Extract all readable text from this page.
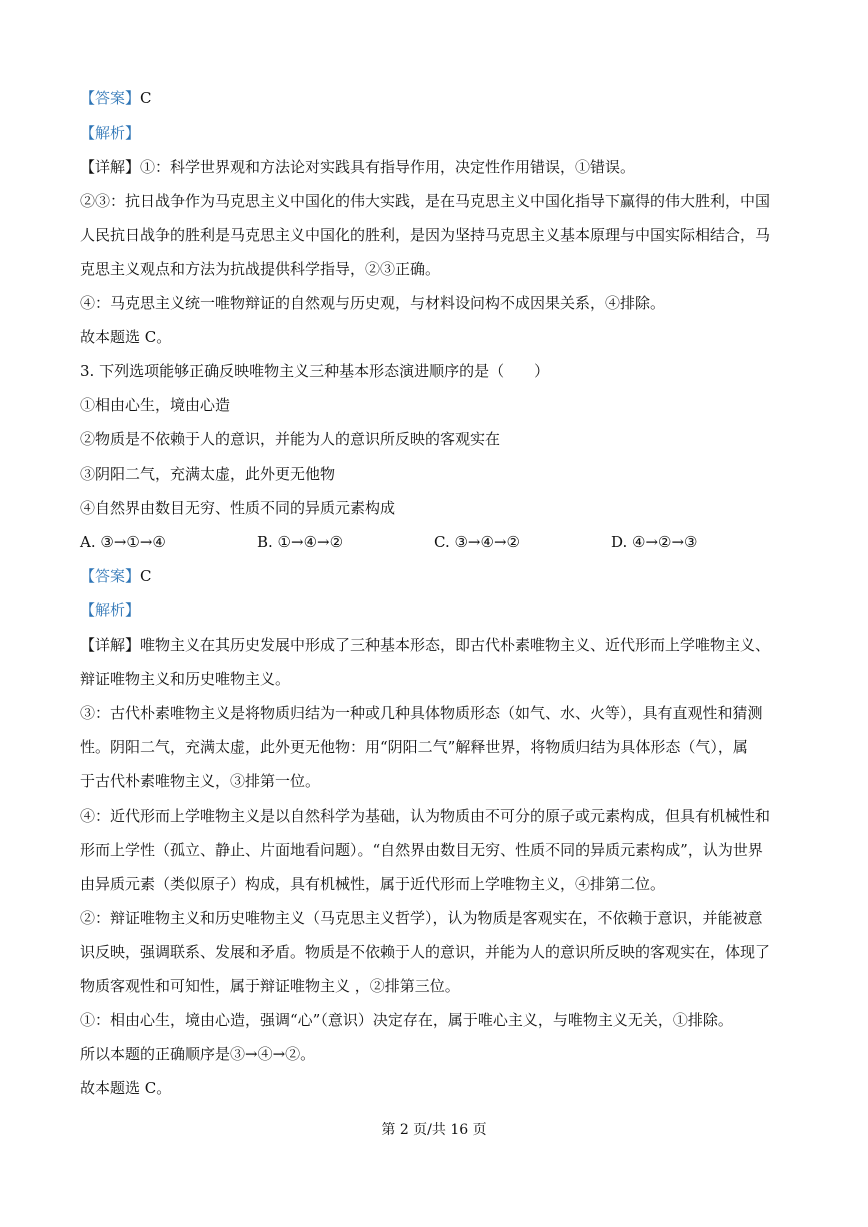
【答案】C
【解析】
【详解】①：科学世界观和方法论对实践具有指导作用，决定性作用错误，①错误。
②③：抗日战争作为马克思主义中国化的伟大实践，是在马克思主义中国化指导下赢得的伟大胜利，中国
人民抗日战争的胜利是马克思主义中国化的胜利，是因为坚持马克思主义基本原理与中国实际相结合，马
克思主义观点和方法为抗战提供科学指导，②③正确。
④：马克思主义统一唯物辩证的自然观与历史观，与材料设问构不成因果关系，④排除。
故本题选 C。
3. 下列选项能够正确反映唯物主义三种基本形态演进顺序的是（　　）
①相由心生，境由心造
②物质是不依赖于人的意识，并能为人的意识所反映的客观实在
③阴阳二气，充满太虚，此外更无他物
④自然界由数目无穷、性质不同的异质元素构成
A. ③→①→④	B. ①→④→②	C. ③→④→②	D. ④→②→③
【答案】C
【解析】
【详解】唯物主义在其历史发展中形成了三种基本形态，即古代朴素唯物主义、近代形而上学唯物主义、
辩证唯物主义和历史唯物主义。
③：古代朴素唯物主义是将物质归结为一种或几种具体物质形态（如气、水、火等），具有直观性和猜测
性。阴阳二气，充满太虚，此外更无他物：用“阴阳二气”解释世界，将物质归结为具体形态（气），属
于古代朴素唯物主义，③排第一位。
④：近代形而上学唯物主义是以自然科学为基础，认为物质由不可分的原子或元素构成，但具有机械性和
形而上学性（孤立、静止、片面地看问题）。“自然界由数目无穷、性质不同的异质元素构成”，认为世界
由异质元素（类似原子）构成，具有机械性，属于近代形而上学唯物主义，④排第二位。
②：辩证唯物主义和历史唯物主义（马克思主义哲学），认为物质是客观实在，不依赖于意识，并能被意
识反映，强调联系、发展和矛盾。物质是不依赖于人的意识，并能为人的意识所反映的客观实在，体现了
物质客观性和可知性，属于辩证唯物主义 ，②排第三位。
①：相由心生，境由心造，强调“心”（意识）决定存在，属于唯心主义，与唯物主义无关，①排除。
所以本题的正确顺序是③→④→②。
故本题选 C。
第 2 页/共 16 页
